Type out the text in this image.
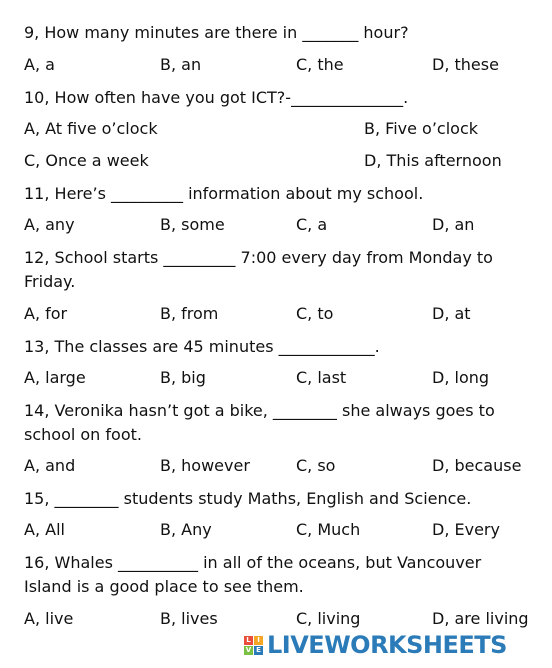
9, How many minutes are there in _______ hour?

A, a	B, an	C, the	D, these

10, How often have you got ICT?-______________.

A, At five o’clock	B, Five o’clock
C, Once a week	D, This afternoon

11, Here’s _________ information about my school.

A, any	B, some	C, a	D, an

12, School starts _________ 7:00 every day from Monday to Friday.

A, for	B, from	C, to	D, at

13, The classes are 45 minutes ____________.

A, large	B, big	C, last	D, long

14, Veronika hasn’t got a bike, ________ she always goes to school on foot.

A, and	B, however	C, so	D, because

15, ________ students study Maths, English and Science.

A, All	B, Any	C, Much	D, Every

16, Whales __________ in all of the oceans, but Vancouver Island is a good place to see them.

A, live	B, lives	C, living	D, are living
L I
V E LIVEWORKSHEETS
